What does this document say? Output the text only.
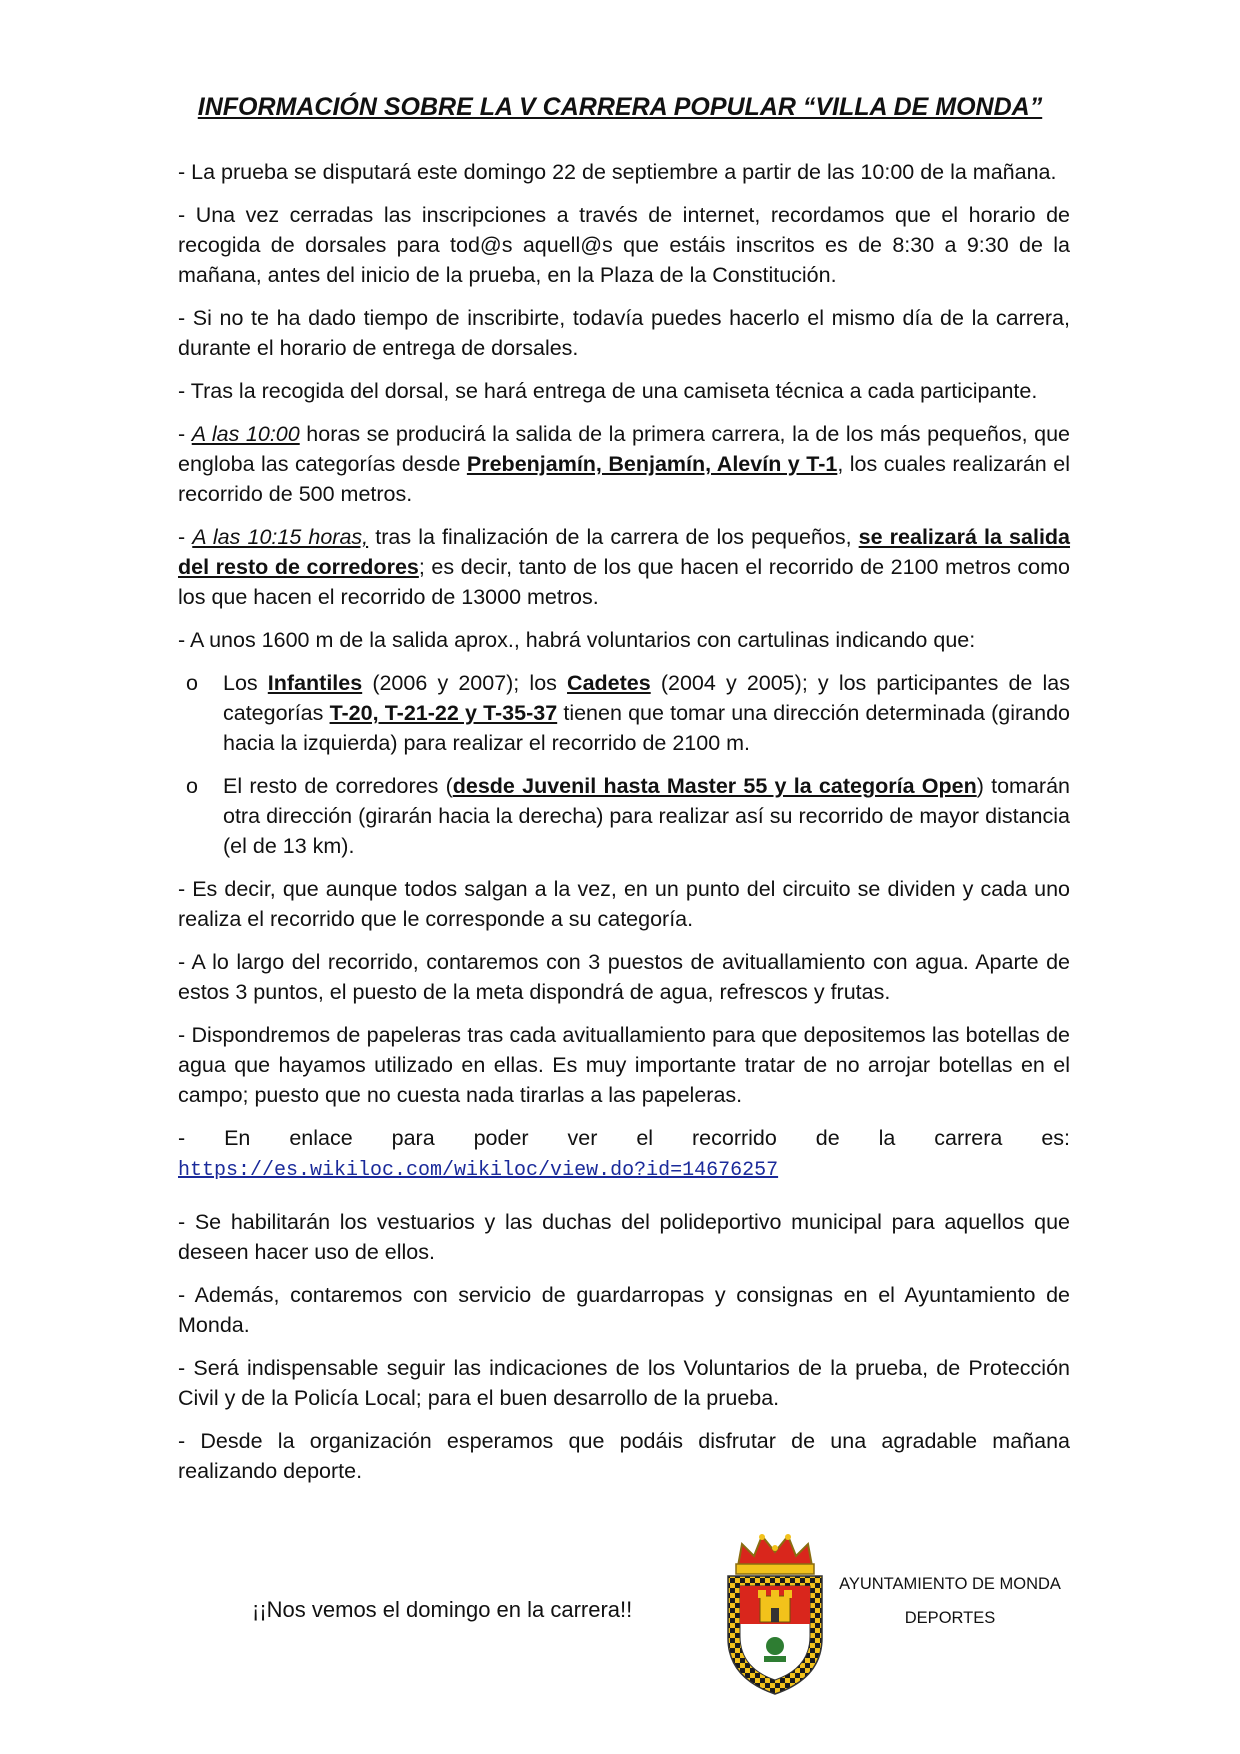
INFORMACIÓN SOBRE LA V CARRERA POPULAR “VILLA DE MONDA”

- La prueba se disputará este domingo 22 de septiembre a partir de las 10:00 de la mañana.

- Una vez cerradas las inscripciones a través de internet, recordamos que el horario de recogida de dorsales para tod@s aquell@s que estáis inscritos es de 8:30 a 9:30 de la mañana, antes del inicio de la prueba, en la Plaza de la Constitución.

- Si no te ha dado tiempo de inscribirte, todavía puedes hacerlo el mismo día de la carrera, durante el horario de entrega de dorsales.

- Tras la recogida del dorsal, se hará entrega de una camiseta técnica a cada participante.

- A las 10:00 horas se producirá la salida de la primera carrera, la de los más pequeños, que engloba las categorías desde Prebenjamín, Benjamín, Alevín y T-1, los cuales realizarán el recorrido de 500 metros.

- A las 10:15 horas, tras la finalización de la carrera de los pequeños, se realizará la salida del resto de corredores; es decir, tanto de los que hacen el recorrido de 2100 metros como los que hacen el recorrido de 13000 metros.

- A unos 1600 m de la salida aprox., habrá voluntarios con cartulinas indicando que:

o Los Infantiles (2006 y 2007); los Cadetes (2004 y 2005); y los participantes de las categorías T-20, T-21-22 y T-35-37 tienen que tomar una dirección determinada (girando hacia la izquierda) para realizar el recorrido de 2100 m.
o El resto de corredores (desde Juvenil hasta Master 55 y la categoría Open) tomarán otra dirección (girarán hacia la derecha) para realizar así su recorrido de mayor distancia (el de 13 km).

- Es decir, que aunque todos salgan a la vez, en un punto del circuito se dividen y cada uno realiza el recorrido que le corresponde a su categoría.

- A lo largo del recorrido, contaremos con 3 puestos de avituallamiento con agua. Aparte de estos 3 puntos, el puesto de la meta dispondrá de agua, refrescos y frutas.

- Dispondremos de papeleras tras cada avituallamiento para que depositemos las botellas de agua que hayamos utilizado en ellas. Es muy importante tratar de no arrojar botellas en el campo; puesto que no cuesta nada tirarlas a las papeleras.

- En enlace para poder ver el recorrido de la carrera es:

https://es.wikiloc.com/wikiloc/view.do?id=14676257

- Se habilitarán los vestuarios y las duchas del polideportivo municipal para aquellos que deseen hacer uso de ellos.

- Además, contaremos con servicio de guardarropas y consignas en el Ayuntamiento de Monda.

- Será indispensable seguir las indicaciones de los Voluntarios de la prueba, de Protección Civil y de la Policía Local; para el buen desarrollo de la prueba.

- Desde la organización esperamos que podáis disfrutar de una agradable mañana realizando deporte.

¡¡Nos vemos el domingo en la carrera!!
AYUNTAMIENTO DE MONDA
DEPORTES
